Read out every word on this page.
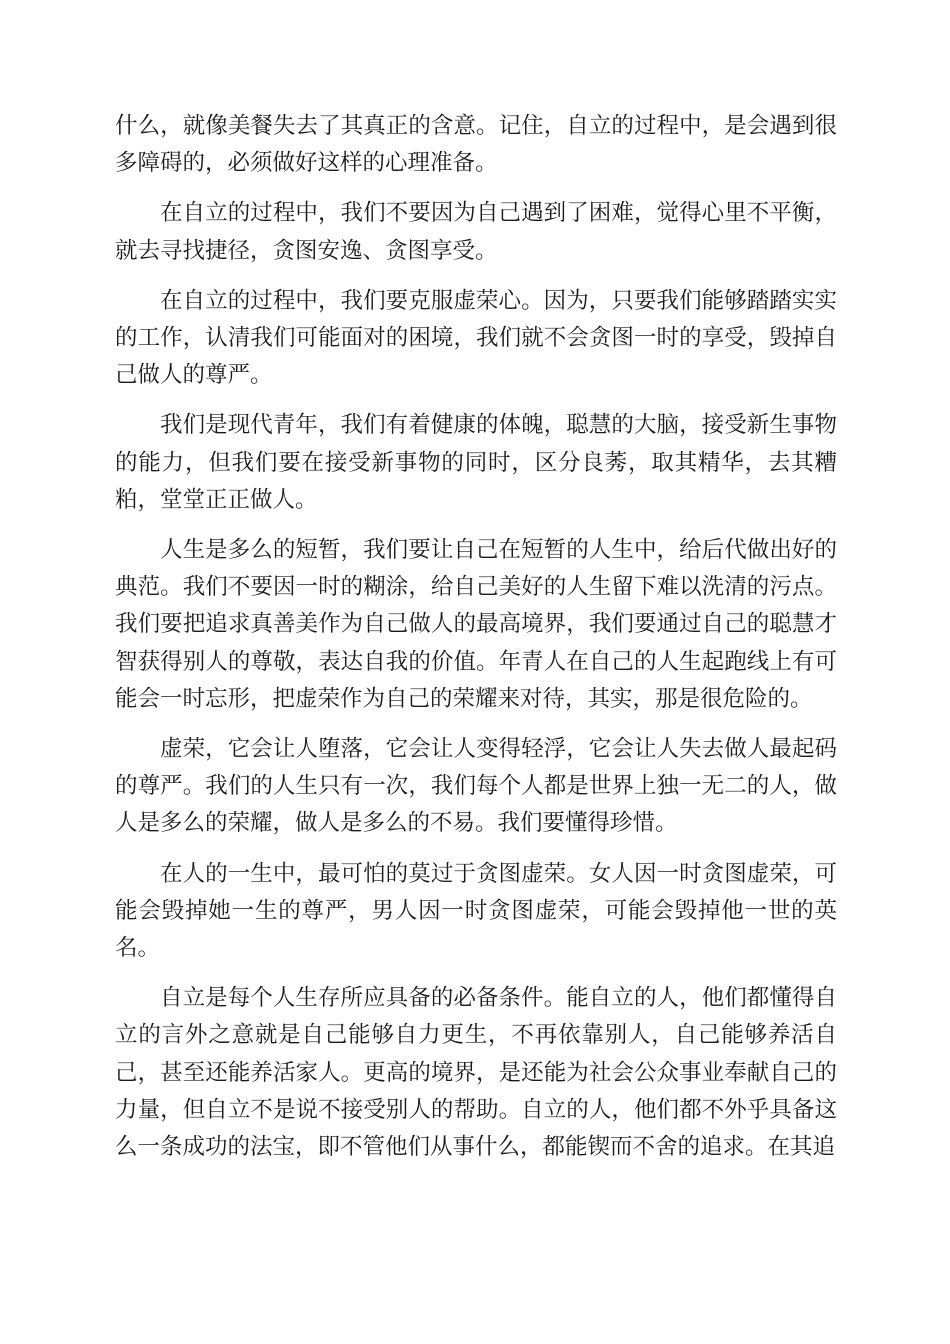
什么，就像美餐失去了其真正的含意。记住，自立的过程中，是会遇到很多障碍的，必须做好这样的心理准备。

在自立的过程中，我们不要因为自己遇到了困难，觉得心里不平衡，就去寻找捷径，贪图安逸、贪图享受。

在自立的过程中，我们要克服虚荣心。因为，只要我们能够踏踏实实的工作，认清我们可能面对的困境，我们就不会贪图一时的享受，毁掉自己做人的尊严。

我们是现代青年，我们有着健康的体魄，聪慧的大脑，接受新生事物的能力，但我们要在接受新事物的同时，区分良莠，取其精华，去其糟粕，堂堂正正做人。

人生是多么的短暂，我们要让自己在短暂的人生中，给后代做出好的典范。我们不要因一时的糊涂，给自己美好的人生留下难以洗清的污点。我们要把追求真善美作为自己做人的最高境界，我们要通过自己的聪慧才智获得别人的尊敬，表达自我的价值。年青人在自己的人生起跑线上有可能会一时忘形，把虚荣作为自己的荣耀来对待，其实，那是很危险的。

虚荣，它会让人堕落，它会让人变得轻浮，它会让人失去做人最起码的尊严。我们的人生只有一次，我们每个人都是世界上独一无二的人，做人是多么的荣耀，做人是多么的不易。我们要懂得珍惜。

在人的一生中，最可怕的莫过于贪图虚荣。女人因一时贪图虚荣，可能会毁掉她一生的尊严，男人因一时贪图虚荣，可能会毁掉他一世的英名。

自立是每个人生存所应具备的必备条件。能自立的人，他们都懂得自立的言外之意就是自己能够自力更生，不再依靠别人，自己能够养活自己，甚至还能养活家人。更高的境界，是还能为社会公众事业奉献自己的力量，但自立不是说不接受别人的帮助。自立的人，他们都不外乎具备这么一条成功的法宝，即不管他们从事什么，都能锲而不舍的追求。在其追
